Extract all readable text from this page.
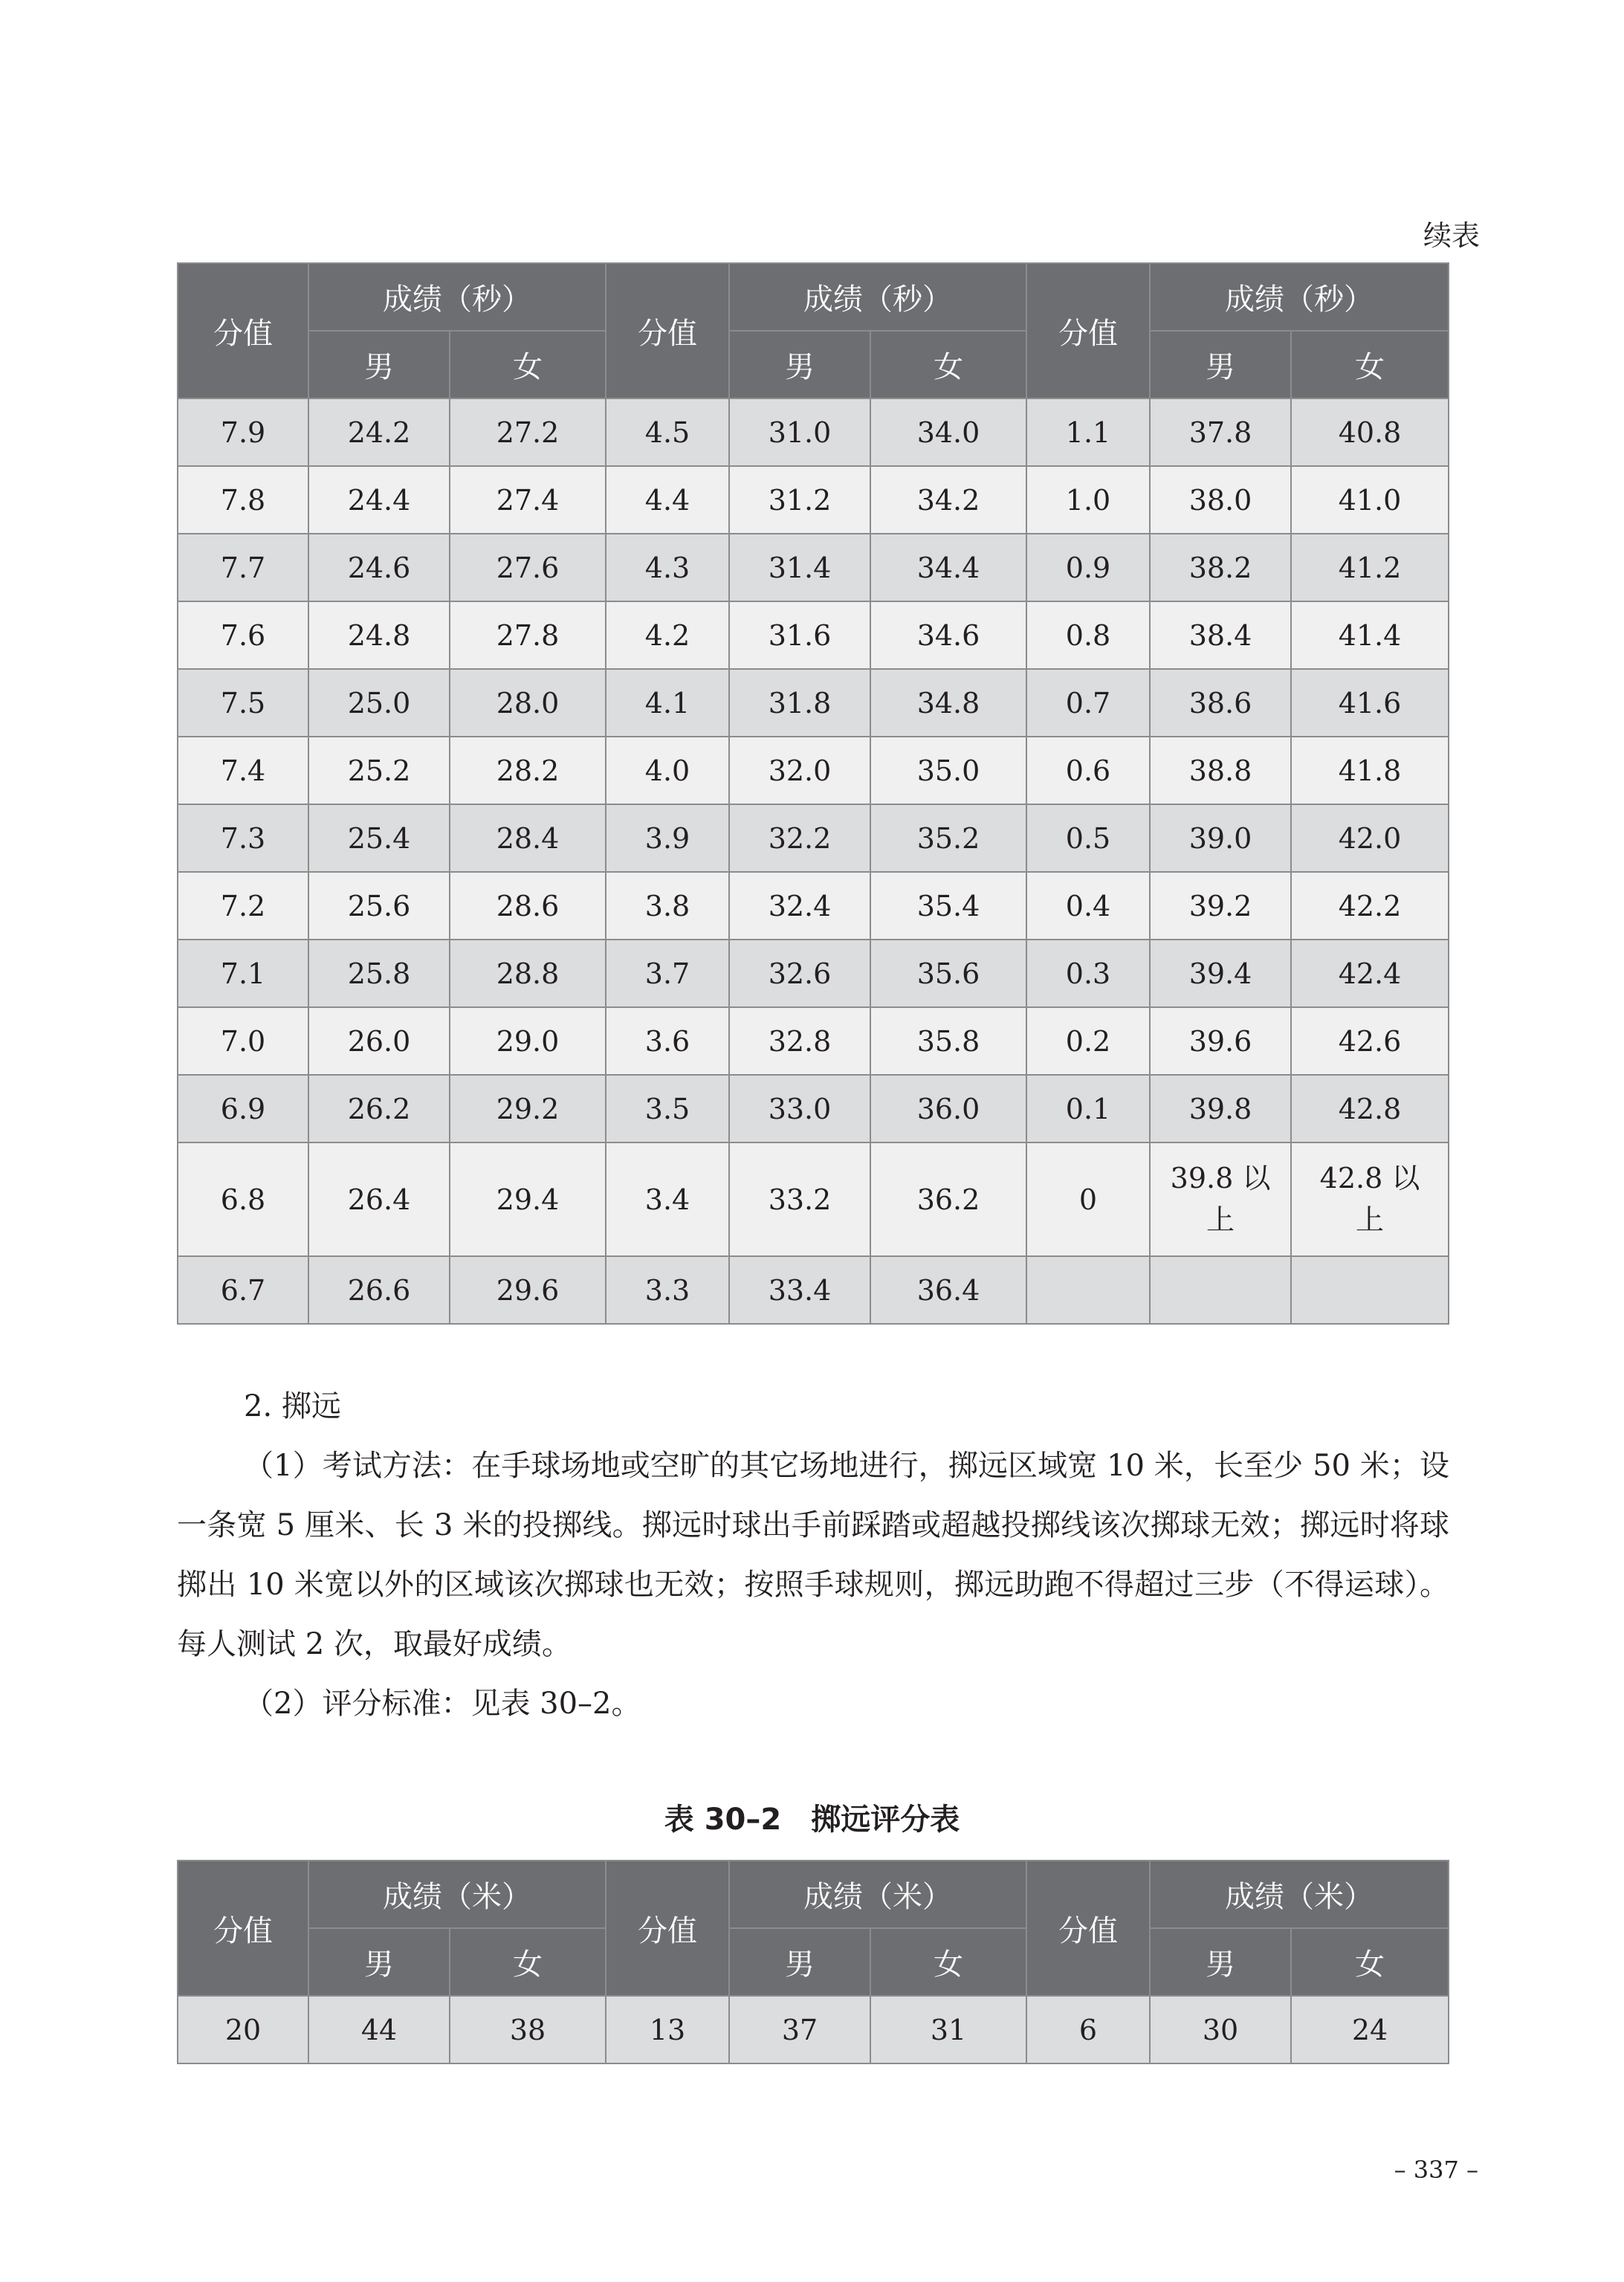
续表
分值	成绩（秒）		分值	成绩（秒）		分值	成绩（秒）	
	男	女		男	女		男	女
7.9	24.2	27.2	4.5	31.0	34.0	1.1	37.8	40.8
7.8	24.4	27.4	4.4	31.2	34.2	1.0	38.0	41.0
7.7	24.6	27.6	4.3	31.4	34.4	0.9	38.2	41.2
7.6	24.8	27.8	4.2	31.6	34.6	0.8	38.4	41.4
7.5	25.0	28.0	4.1	31.8	34.8	0.7	38.6	41.6
7.4	25.2	28.2	4.0	32.0	35.0	0.6	38.8	41.8
7.3	25.4	28.4	3.9	32.2	35.2	0.5	39.0	42.0
7.2	25.6	28.6	3.8	32.4	35.4	0.4	39.2	42.2
7.1	25.8	28.8	3.7	32.6	35.6	0.3	39.4	42.4
7.0	26.0	29.0	3.6	32.8	35.8	0.2	39.6	42.6
6.9	26.2	29.2	3.5	33.0	36.0	0.1	39.8	42.8
6.8	26.4	29.4	3.4	33.2	36.2	0	39.8 以上	42.8 以上
6.7	26.6	29.6	3.3	33.4	36.4			

2. 掷远

（1）考试方法：在手球场地或空旷的其它场地进行，掷远区域宽 10 米，长至少 50 米；设一条宽 5 厘米、长 3 米的投掷线。掷远时球出手前踩踏或超越投掷线该次掷球无效；掷远时将球掷出 10 米宽以外的区域该次掷球也无效；按照手球规则，掷远助跑不得超过三步（不得运球）。每人测试 2 次，取最好成绩。

（2）评分标准：见表 30–2。

表 30–2　掷远评分表
分值	成绩（米）		分值	成绩（米）		分值	成绩（米）	
	男	女		男	女		男	女
20	44	38	13	37	31	6	30	24
– 337 –
